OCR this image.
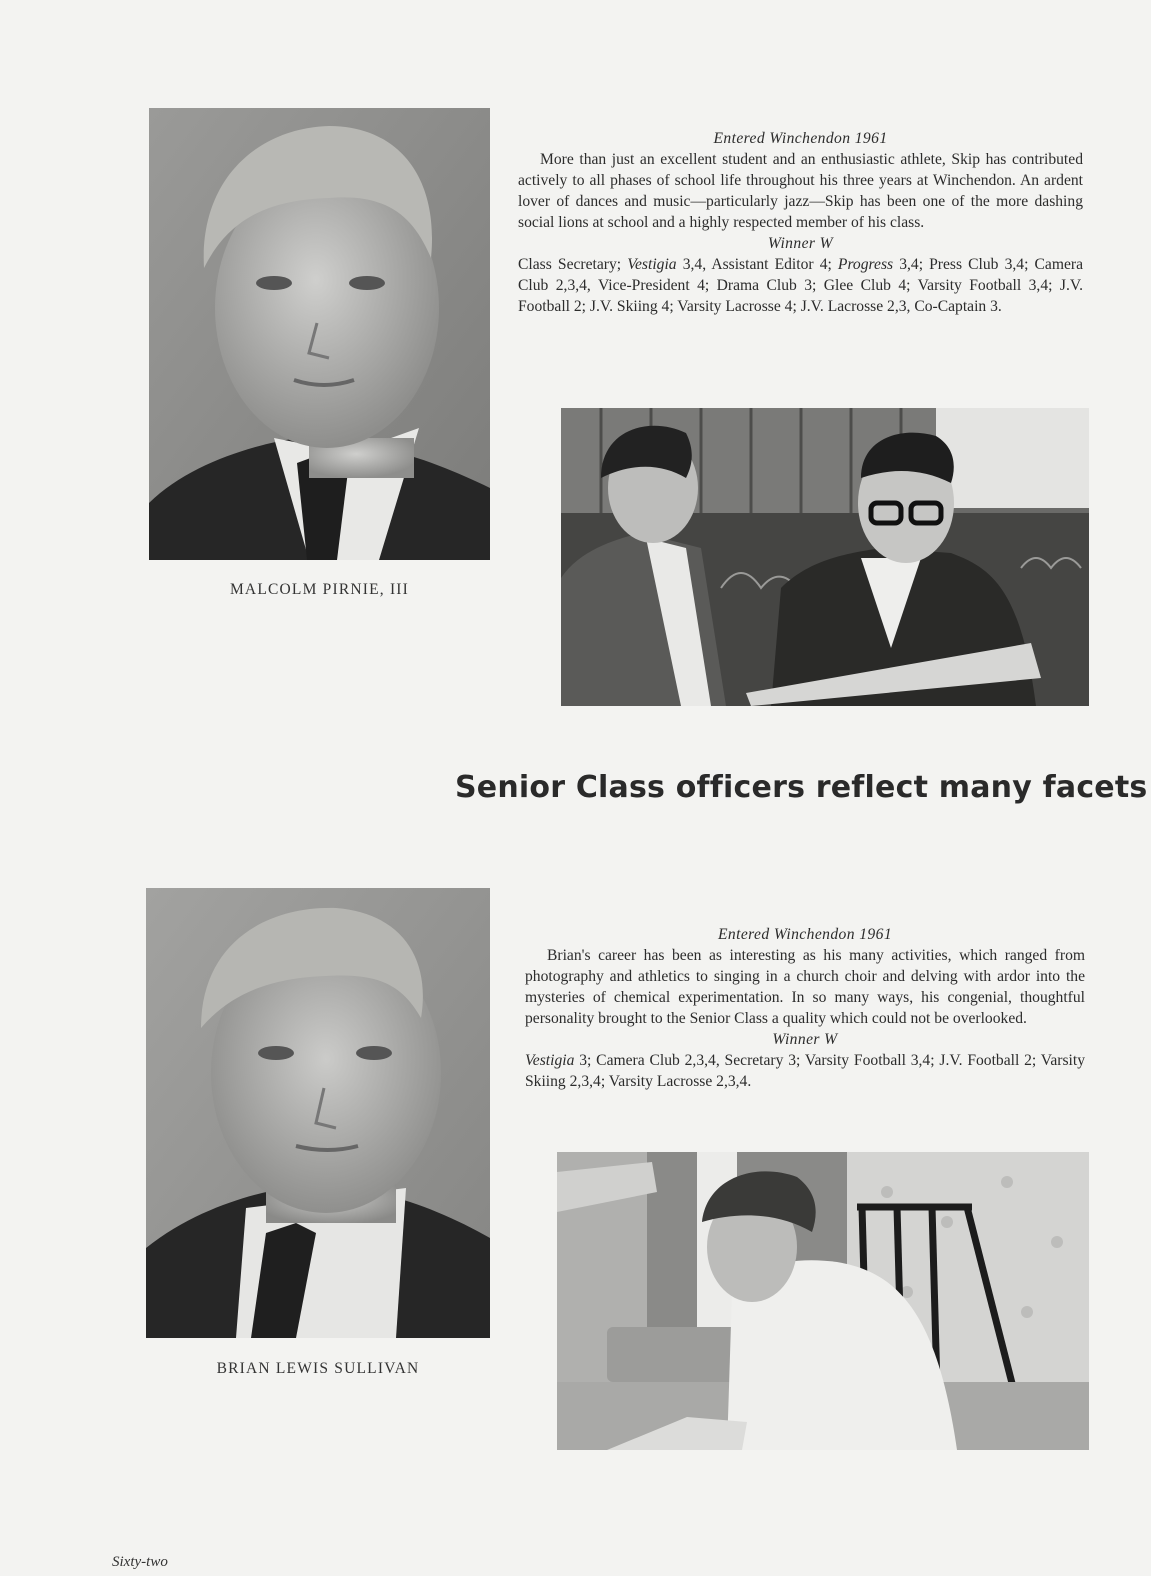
MALCOLM PIRNIE, III
Entered Winchendon 1961

More than just an excellent student and an enthusiastic athlete, Skip has contributed actively to all phases of school life throughout his three years at Winchendon. An ardent lover of dances and music—particularly jazz—Skip has been one of the more dashing social lions at school and a highly respected member of his class.

Winner W
Class Secretary; Vestigia 3,4, Assistant Editor 4; Progress 3,4; Press Club 3,4; Camera Club 2,3,4, Vice-President 4; Drama Club 3; Glee Club 4; Varsity Football 3,4; J.V. Football 2; J.V. Skiing 4; Varsity Lacrosse 4; J.V. Lacrosse 2,3, Co-Captain 3.
Senior Class officers reflect many facets
BRIAN LEWIS SULLIVAN
Entered Winchendon 1961

Brian's career has been as interesting as his many activities, which ranged from photography and athletics to singing in a church choir and delving with ardor into the mysteries of chemical experimentation. In so many ways, his congenial, thoughtful personality brought to the Senior Class a quality which could not be overlooked.

Winner W
Vestigia 3; Camera Club 2,3,4, Secretary 3; Varsity Football 3,4; J.V. Football 2; Varsity Skiing 2,3,4; Varsity Lacrosse 2,3,4.
Sixty-two
